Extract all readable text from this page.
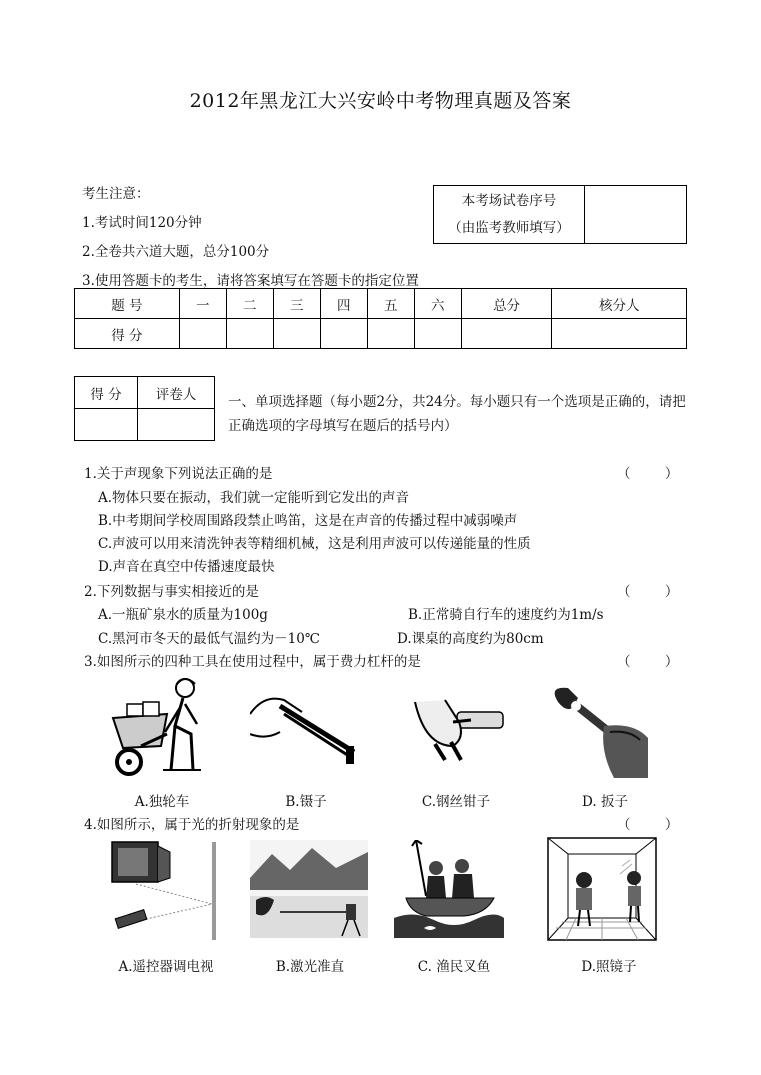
2012年黑龙江大兴安岭中考物理真题及答案
考生注意：
1.考试时间120分钟
2.全卷共六道大题，总分100分
3.使用答题卡的考生，请将答案填写在答题卡的指定位置
本考场试卷序号
（由监考教师填写）

题 号	一	二	三	四	五	六	总分	核分人
得 分								
得 分	评卷人
	一、单项选择题（每小题2分，共24分。每小题只有一个选项是正确的，请把正确选项的字母填写在题后的括号内）
1.关于声现象下列说法正确的是	（        ）
A.物体只要在振动，我们就一定能听到它发出的声音
B.中考期间学校周围路段禁止鸣笛，这是在声音的传播过程中减弱噪声
C.声波可以用来清洗钟表等精细机械，这是利用声波可以传递能量的性质
D.声音在真空中传播速度最快
2.下列数据与事实相接近的是	（        ）
A.一瓶矿泉水的质量为100g	B.正常骑自行车的速度约为1m/s
C.黑河市冬天的最低气温约为－10℃	D.课桌的高度约为80cm
3.如图所示的四种工具在使用过程中，属于费力杠杆的是	（        ）
A.独轮车	B.镊子	C.钢丝钳子	D. 扳子
4.如图所示，属于光的折射现象的是	（        ）
A.遥控器调电视	B.激光准直	C. 渔民叉鱼	D.照镜子
